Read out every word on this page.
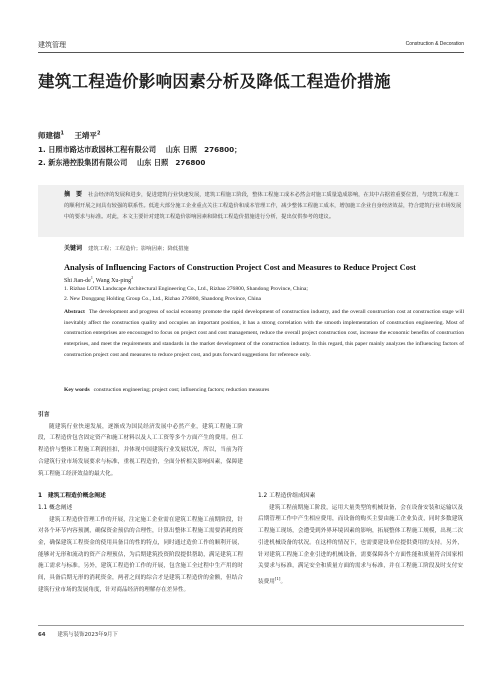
建筑管理	Construction & Decoration
建筑工程造价影响因素分析及降低工程造价措施
师建德$^1$ 王靖平$^2$
1. 日照市路达市政园林工程有限公司　 山东 日照　276800；
2. 新东港控股集团有限公司　 山东 日照　276800
摘　要 社会经济的发展和进步，促进建筑行业快速发展，建筑工程施工阶段，整体工程施工成本必然会对施工质量造成影响，在其中占据着重要位置，与建筑工程施工的顺利开展之间具有较强的联系性。低进大部分施工企业重点关注工程造价和成本管理工作，减少整体工程施工成本，增加施工企业自身经济效益，符合建筑行业市场发展中的要求与标准。对此，本文主要针对建筑工程造价影响因素和降低工程造价措施进行分析，提出仅供参考的建议。
关键词 建筑工程；工程造价；影响因素；降低措施
Analysis of Influencing Factors of Construction Project Cost and Measures to Reduce Project Cost
Shi Jian-$de^1$, Wang Xu-ping$^2$
1. Rizhao LOTA Landscape Architectural Engineering Co., Ltd., Rizhao 276800, Shandong Province, China;
2. New Donggang Holding Group Co., Ltd., Rizhao 276800, Shandong Province, China
Abstract The development and progress of social economy promote the rapid development of construction industry, and the overall construction cost at construction stage will inevitably affect the construction quality and occupies an important position, it has a strong correlation with the smooth implementation of construction engineering. Most of construction enterprises are encouraged to focus on project cost and cost management, reduce the overall project construction cost, increase the economic benefits of construction enterprises, and meet the requirements and standards in the market development of the construction industry. In this regard, this paper mainly analyzes the influencing factors of construction project cost and measures to reduce project cost, and puts forward suggestions for reference only.
Key words construction engineering; project cost; influencing factors; reduction measures
引言

随建筑行业快速发展，逐渐成为国民经济发展中必然产业，建筑工程施工阶段，工程造价包含固定资产和施工材料以及人工工资等多个方面产生的费用。但工程造价与整体工程施工利润挂扣，并体现中国建筑行业发展状况，所以，当前为符合建筑行业市场发展要求与标准，重视工程造价，全面分析相关影响因素，保障建筑工程施工经济效益的最大化。

1　建筑工程造价概念阐述
1.1 概念阐述

建筑工程造价管理工作的开展，注定施工企业需在建筑工程施工前期阶段，针对各个环节内容预测，确保资金预估的合理性，计算出整体工程施工需要消耗的资金，确保建筑工程资金的使用具备目的性的特点，同时通过造价工作的顺利开展，能够对无形和流动的资产合理预估，为后期建筑投资阶段提供帮助，满足建筑工程施工需求与标准。另外，建筑工程造价工作的开展，包含施工全过程中生产用的时间，具备后期无形的消耗资金，两者之间的综合才是建筑工程造价的金额，但结合建筑行业市场的发展角度，针对商品经济的理解存在差异性。

1.2 工程造价组成因素

建筑工程前期施工阶段，运用大量类型的机械设备，会在设备安装和运输以及后期管理工作中产生相应费用，而设备的购买主要由施工企业负责，同时多数建筑工程施工现场，会遭受到外界环境因素的影响，拓展整体工程施工规模，出现二次引进机械设备的状况。在这样的情况下，也需要建设单位提供费用的支持。另外，针对建筑工程施工企业引进的机械设备，需要保障各个方面性能和质量符合国家相关要求与标准，满足安全和质量方面的需求与标准，并在工程施工阶段及时支付安装费用[1]。

64 建筑与装饰2023年9月下
